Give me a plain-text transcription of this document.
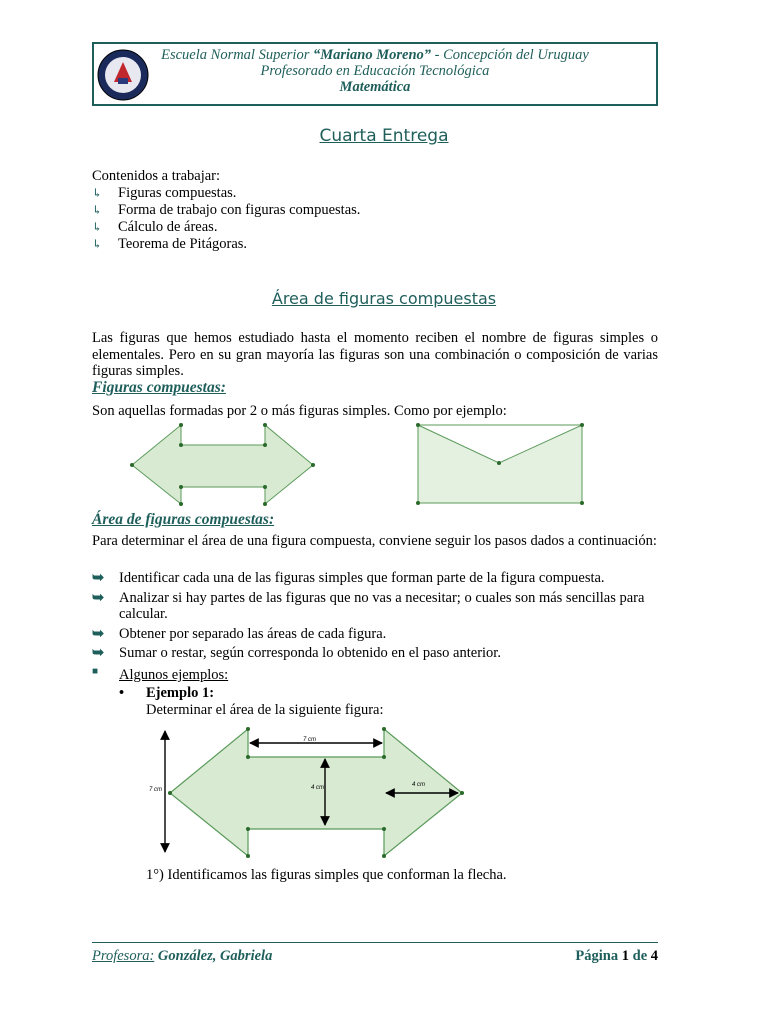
Escuela Normal Superior “Mariano Moreno” - Concepción del Uruguay
Profesorado en Educación Tecnológica
Matemática
Cuarta Entrega
Contenidos a trabajar:
↳ Figuras compuestas.
↳ Forma de trabajo con figuras compuestas.
↳ Cálculo de áreas.
↳ Teorema de Pitágoras.
Área de figuras compuestas

Las figuras que hemos estudiado hasta el momento reciben el nombre de figuras simples o elementales. Pero en su gran mayoría las figuras son una combinación o composición de varias figuras simples.

Figuras compuestas:
Son aquellas formadas por 2 o más figuras simples. Como por ejemplo:
Área de figuras compuestas:

Para determinar el área de una figura compuesta, conviene seguir los pasos dados a continuación:

➥ Identificar cada una de las figuras simples que forman parte de la figura compuesta.
➥ Analizar si hay partes de las figuras que no vas a necesitar; o cuales son más sencillas para calcular.
➥ Obtener por separado las áreas de cada figura.
➥ Sumar o restar, según corresponda lo obtenido en el paso anterior.
■ Algunos ejemplos:
• Ejemplo 1:
Determinar el área de la siguiente figura:
7 cm
7 cm	4 cm	4 cm
1°) Identificamos las figuras simples que conforman la flecha.
Profesora: González, Gabriela	Página 1 de 4
